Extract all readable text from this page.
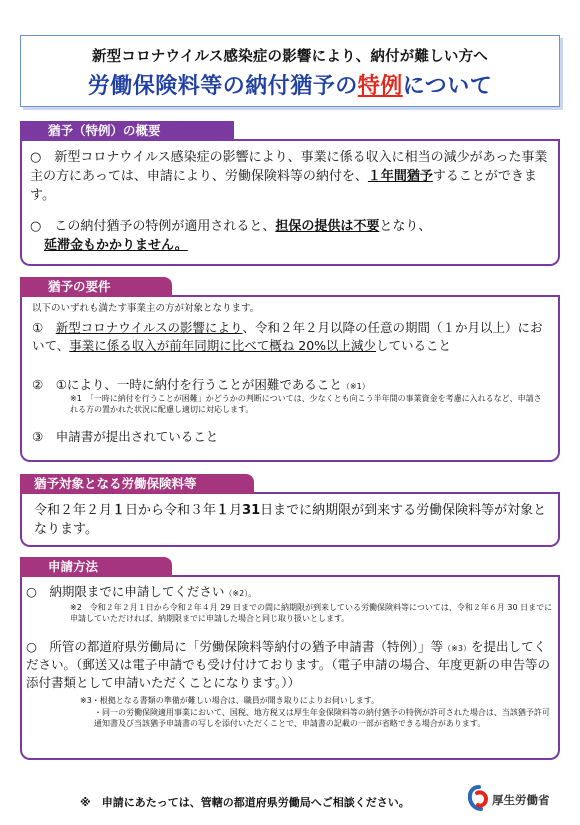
新型コロナウイルス感染症の影響により、納付が難しい方へ
労働保険料等の納付猶予の特例について
猶予（特例）の概要
○　新型コロナウイルス感染症の影響により、事業に係る収入に相当の減少があった事業主の方にあっては、申請により、労働保険料等の納付を、１年間猶予することができます。
○　この納付猶予の特例が適用されると、担保の提供は不要となり、
延滞金もかかりません。
猶予の要件
以下のいずれも満たす事業主の方が対象となります。
①　新型コロナウイルスの影響により、令和２年２月以降の任意の期間（１か月以上）において、事業に係る収入が前年同期に比べて概ね 20%以上減少していること
②　①により、一時に納付を行うことが困難であること（※1）
※1　「一時に納付を行うことが困難」かどうかの判断については、少なくとも向こう半年間の事業資金を考慮に入れるなど、申請される方の置かれた状況に配慮し適切に対応します。
③　申請書が提出されていること
猶予対象となる労働保険料等
令和２年２月１日から令和３年１月31日までに納期限が到来する労働保険料等が対象となります。
申請方法
○　納期限までに申請してください（※2）。
※2　令和２年２月１日から令和２年４月 29 日までの間に納期限が到来している労働保険料等については、令和２年６月 30 日までに申請していただければ、納期限までに申請した場合と同じ取り扱いとします。
○　所管の都道府県労働局に「労働保険料等納付の猶予申請書（特例）」等（※3）を提出してください。（郵送又は電子申請でも受け付けております。（電子申請の場合、年度更新の申告等の添付書類として申請いただくことになります。））
※3・根拠となる書類の準備が難しい場合は、職員が聞き取りによりお伺いします。
・同一の労働保険適用事業において、国税、地方税又は厚生年金保険料等の納付猶予の特例が許可された場合は、当該猶予許可通知書及び当該猶予申請書の写しを添付いただくことで、申請書の記載の一部が省略できる場合があります。
※　申請にあたっては、管轄の都道府県労働局へご相談ください。	厚生労働省
